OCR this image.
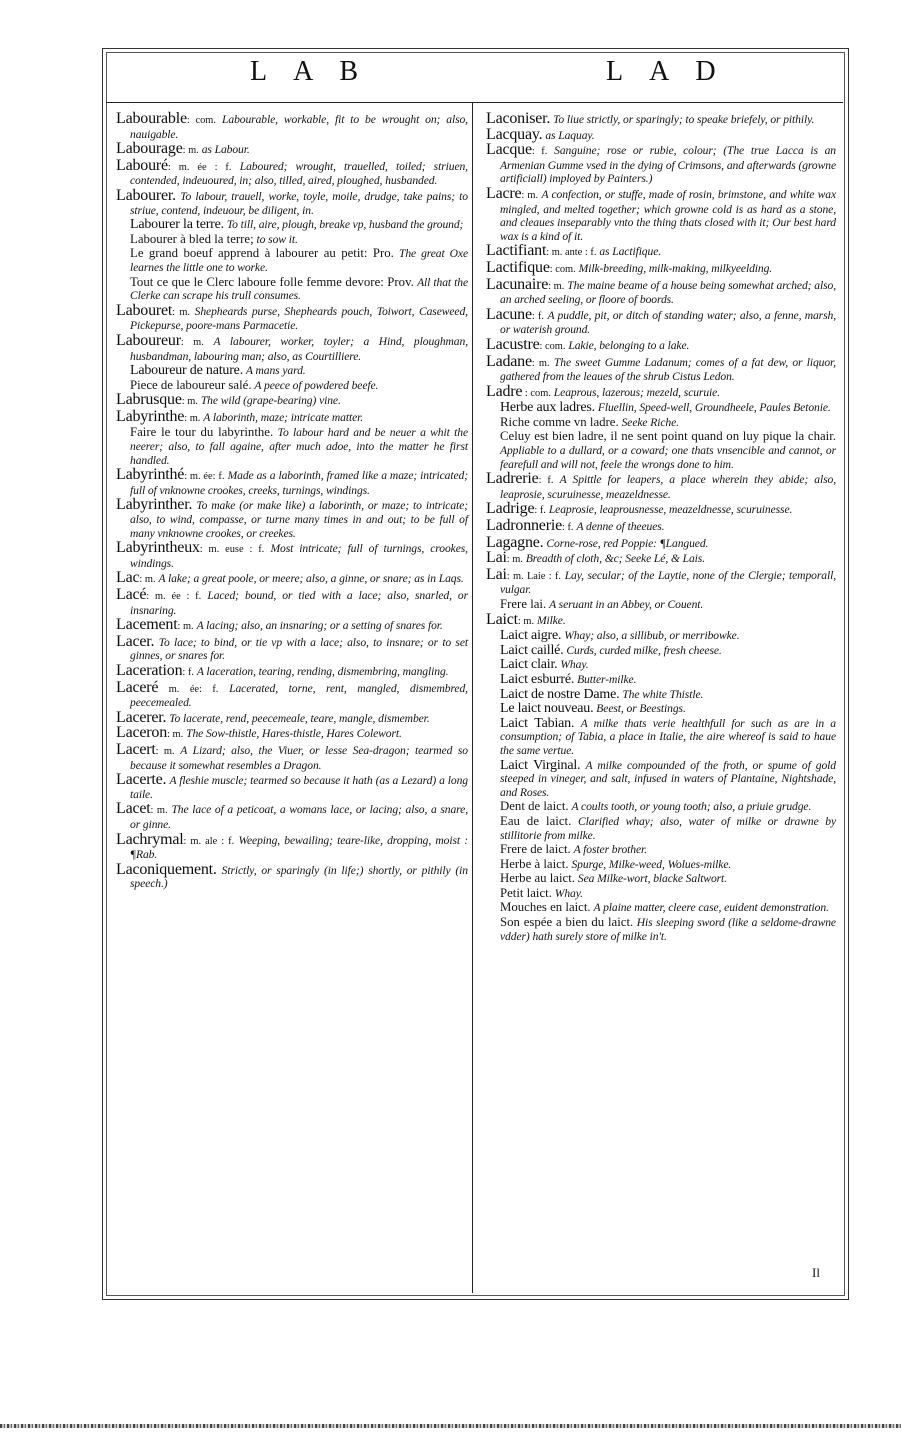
LAB	LAD
Labourable: com. Labourable, workable, fit to be wrought on; also, nauigable.
Labourage: m. as Labour.
Labouré: m. ée : f. Laboured; wrought, trauelled, toiled; striuen, contended, indeuoured, in; also, tilled, aired, ploughed, husbanded.
Labourer. To labour, trauell, worke, toyle, moile, drudge, take pains; to striue, contend, indeuour, be diligent, in.
Labourer la terre. To till, aire, plough, breake vp, husband the ground;
Labourer à bled la terre; to sow it.
Le grand boeuf apprend à labourer au petit: Pro. The great Oxe learnes the little one to worke.
Tout ce que le Clerc laboure folle femme devore: Prov. All that the Clerke can scrape his trull consumes.
Labouret: m. Shepheards purse, Shepheards pouch, Toiwort, Caseweed, Pickepurse, poore-mans Parmacetie.
Laboureur: m. A labourer, worker, toyler; a Hind, ploughman, husbandman, labouring man; also, as Courtilliere.
Laboureur de nature. A mans yard.
Piece de laboureur salé. A peece of powdered beefe.
Labrusque: m. The wild (grape-bearing) vine.
Labyrinthe: m. A laborinth, maze; intricate matter.
Faire le tour du labyrinthe. To labour hard and be neuer a whit the neerer; also, to fall againe, after much adoe, into the matter he first handled.
Labyrinthé: m. ée: f. Made as a laborinth, framed like a maze; intricated; full of vnknowne crookes, creeks, turnings, windings.
Labyrinther. To make (or make like) a laborinth, or maze; to intricate; also, to wind, compasse, or turne many times in and out; to be full of many vnknowne crookes, or creekes.
Labyrintheux: m. euse : f. Most intricate; full of turnings, crookes, windings.
Lac: m. A lake; a great poole, or meere; also, a ginne, or snare; as in Laqs.
Lacé: m. ée : f. Laced; bound, or tied with a lace; also, snarled, or insnaring.
Lacement: m. A lacing; also, an insnaring; or a setting of snares for.
Lacer. To lace; to bind, or tie vp with a lace; also, to insnare; or to set ginnes, or snares for.
Laceration: f. A laceration, tearing, rending, dismembring, mangling.
Laceré m. ée: f. Lacerated, torne, rent, mangled, dismembred, peecemealed.
Lacerer. To lacerate, rend, peecemeale, teare, mangle, dismember.
Laceron: m. The Sow-thistle, Hares-thistle, Hares Colewort.
Lacert: m. A Lizard; also, the Viuer, or lesse Sea-dragon; tearmed so because it somewhat resembles a Dragon.
Lacerte. A fleshie muscle; tearmed so because it hath (as a Lezard) a long taile.
Lacet: m. The lace of a peticoat, a womans lace, or lacing; also, a snare, or ginne.
Lachrymal: m. ale : f. Weeping, bewailing; teare-like, dropping, moist : ¶Rab.
Laconiquement. Strictly, or sparingly (in life;) shortly, or pithily (in speech.)
Laconiser. To liue strictly, or sparingly; to speake briefely, or pithily.
Lacquay. as Laquay.
Lacque: f. Sanguine; rose or rubie, colour; (The true Lacca is an Armenian Gumme vsed in the dying of Crimsons, and afterwards (growne artificiall) imployed by Painters.)
Lacre: m. A confection, or stuffe, made of rosin, brimstone, and white wax mingled, and melted together; which growne cold is as hard as a stone, and cleaues inseparably vnto the thing thats closed with it; Our best hard wax is a kind of it.
Lactifiant: m. ante : f. as Lactifique.
Lactifique: com. Milk-breeding, milk-making, milkyeelding.
Lacunaire: m. The maine beame of a house being somewhat arched; also, an arched seeling, or floore of boords.
Lacune: f. A puddle, pit, or ditch of standing water; also, a fenne, marsh, or waterish ground.
Lacustre: com. Lakie, belonging to a lake.
Ladane: m. The sweet Gumme Ladanum; comes of a fat dew, or liquor, gathered from the leaues of the shrub Cistus Ledon.
Ladre : com. Leaprous, lazerous; mezeld, scuruie.
Herbe aux ladres. Fluellin, Speed-well, Groundheele, Paules Betonie.
Riche comme vn ladre. Seeke Riche.
Celuy est bien ladre, il ne sent point quand on luy pique la chair. Appliable to a dullard, or a coward; one thats vnsencible and cannot, or fearefull and will not, feele the wrongs done to him.
Ladrerie: f. A Spittle for leapers, a place wherein they abide; also, leaprosie, scuruinesse, meazeldnesse.
Ladrige: f. Leaprosie, leaprousnesse, meazeldnesse, scuruinesse.
Ladronnerie: f. A denne of theeues.
Lagagne. Corne-rose, red Poppie: ¶Langued.
Lai: m. Breadth of cloth, &c; Seeke Lé, & Lais.
Lai: m. Laie : f. Lay, secular; of the Laytie, none of the Clergie; temporall, vulgar.
Frere lai. A seruant in an Abbey, or Couent.
Laict: m. Milke.
Laict aigre. Whay; also, a sillibub, or merribowke.
Laict caillé. Curds, curded milke, fresh cheese.
Laict clair. Whay.
Laict esburré. Butter-milke.
Laict de nostre Dame. The white Thistle.
Le laict nouveau. Beest, or Beestings.
Laict Tabian. A milke thats verie healthfull for such as are in a consumption; of Tabia, a place in Italie, the aire whereof is said to haue the same vertue.
Laict Virginal. A milke compounded of the froth, or spume of gold steeped in vineger, and salt, infused in waters of Plantaine, Nightshade, and Roses.
Dent de laict. A coults tooth, or young tooth; also, a priuie grudge.
Eau de laict. Clarified whay; also, water of milke or drawne by stillitorie from milke.
Frere de laict. A foster brother.
Herbe à laict. Spurge, Milke-weed, Wolues-milke.
Herbe au laict. Sea Milke-wort, blacke Saltwort.
Petit laict. Whay.
Mouches en laict. A plaine matter, cleere case, euident demonstration.
Son espée a bien du laict. His sleeping sword (like a seldome-drawne vdder) hath surely store of milke in't.
Il
